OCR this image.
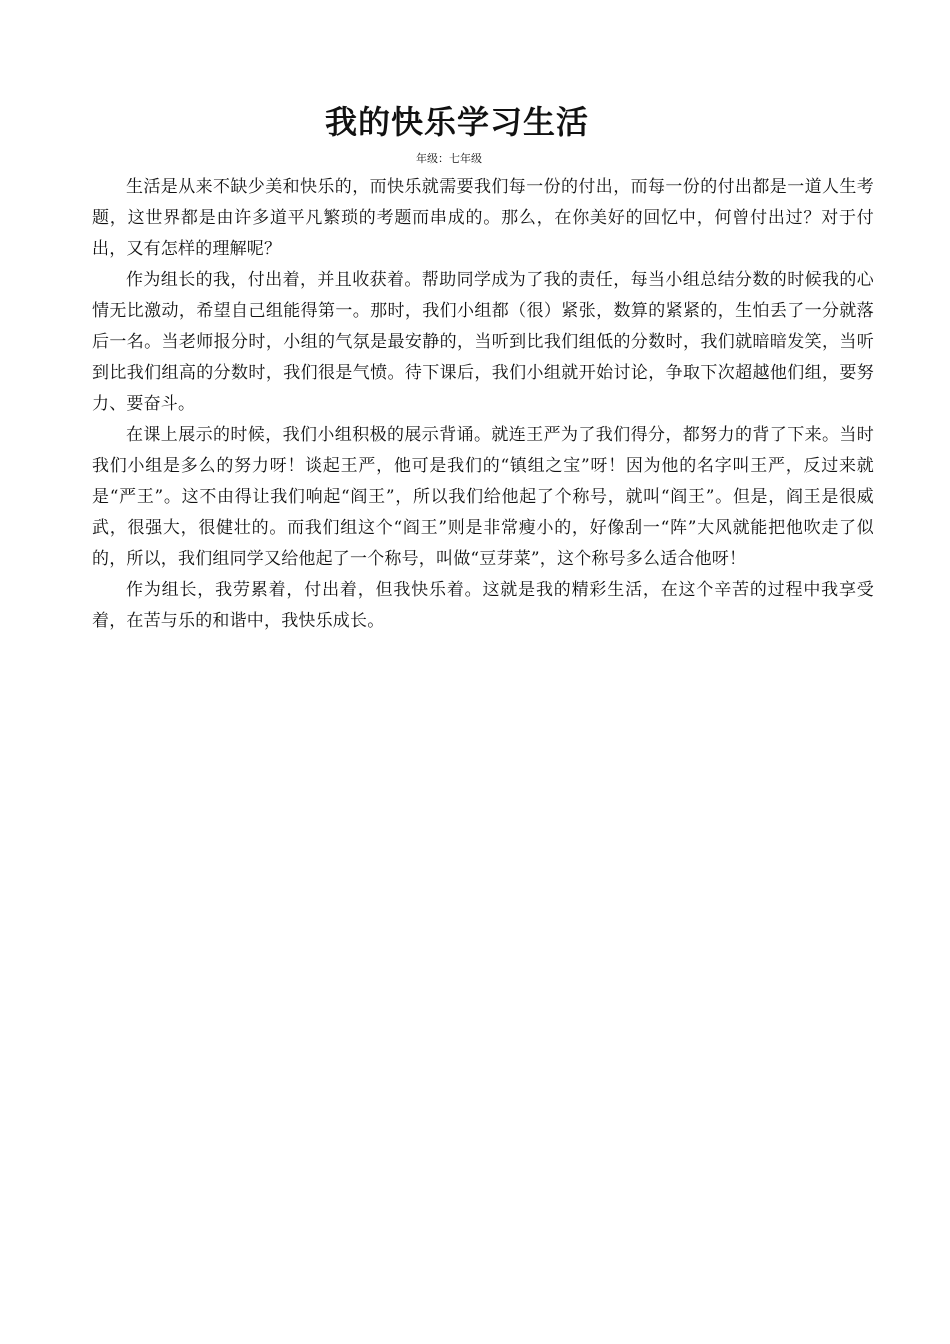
我的快乐学习生活

年级：七年级

生活是从来不缺少美和快乐的，而快乐就需要我们每一份的付出，而每一份的付出都是一道人生考题，这世界都是由许多道平凡繁琐的考题而串成的。那么，在你美好的回忆中，何曾付出过？对于付出，又有怎样的理解呢？

作为组长的我，付出着，并且收获着。帮助同学成为了我的责任，每当小组总结分数的时候我的心情无比激动，希望自己组能得第一。那时，我们小组都（很）紧张，数算的紧紧的，生怕丢了一分就落后一名。当老师报分时，小组的气氛是最安静的，当听到比我们组低的分数时，我们就暗暗发笑，当听到比我们组高的分数时，我们很是气愤。待下课后，我们小组就开始讨论，争取下次超越他们组，要努力、要奋斗。

在课上展示的时候，我们小组积极的展示背诵。就连王严为了我们得分，都努力的背了下来。当时我们小组是多么的努力呀！谈起王严，他可是我们的“镇组之宝”呀！因为他的名字叫王严，反过来就是“严王”。这不由得让我们响起“阎王”，所以我们给他起了个称号，就叫“阎王”。但是，阎王是很威武，很强大，很健壮的。而我们组这个“阎王”则是非常瘦小的，好像刮一“阵”大风就能把他吹走了似的，所以，我们组同学又给他起了一个称号，叫做“豆芽菜”，这个称号多么适合他呀！

作为组长，我劳累着，付出着，但我快乐着。这就是我的精彩生活，在这个辛苦的过程中我享受着，在苦与乐的和谐中，我快乐成长。
